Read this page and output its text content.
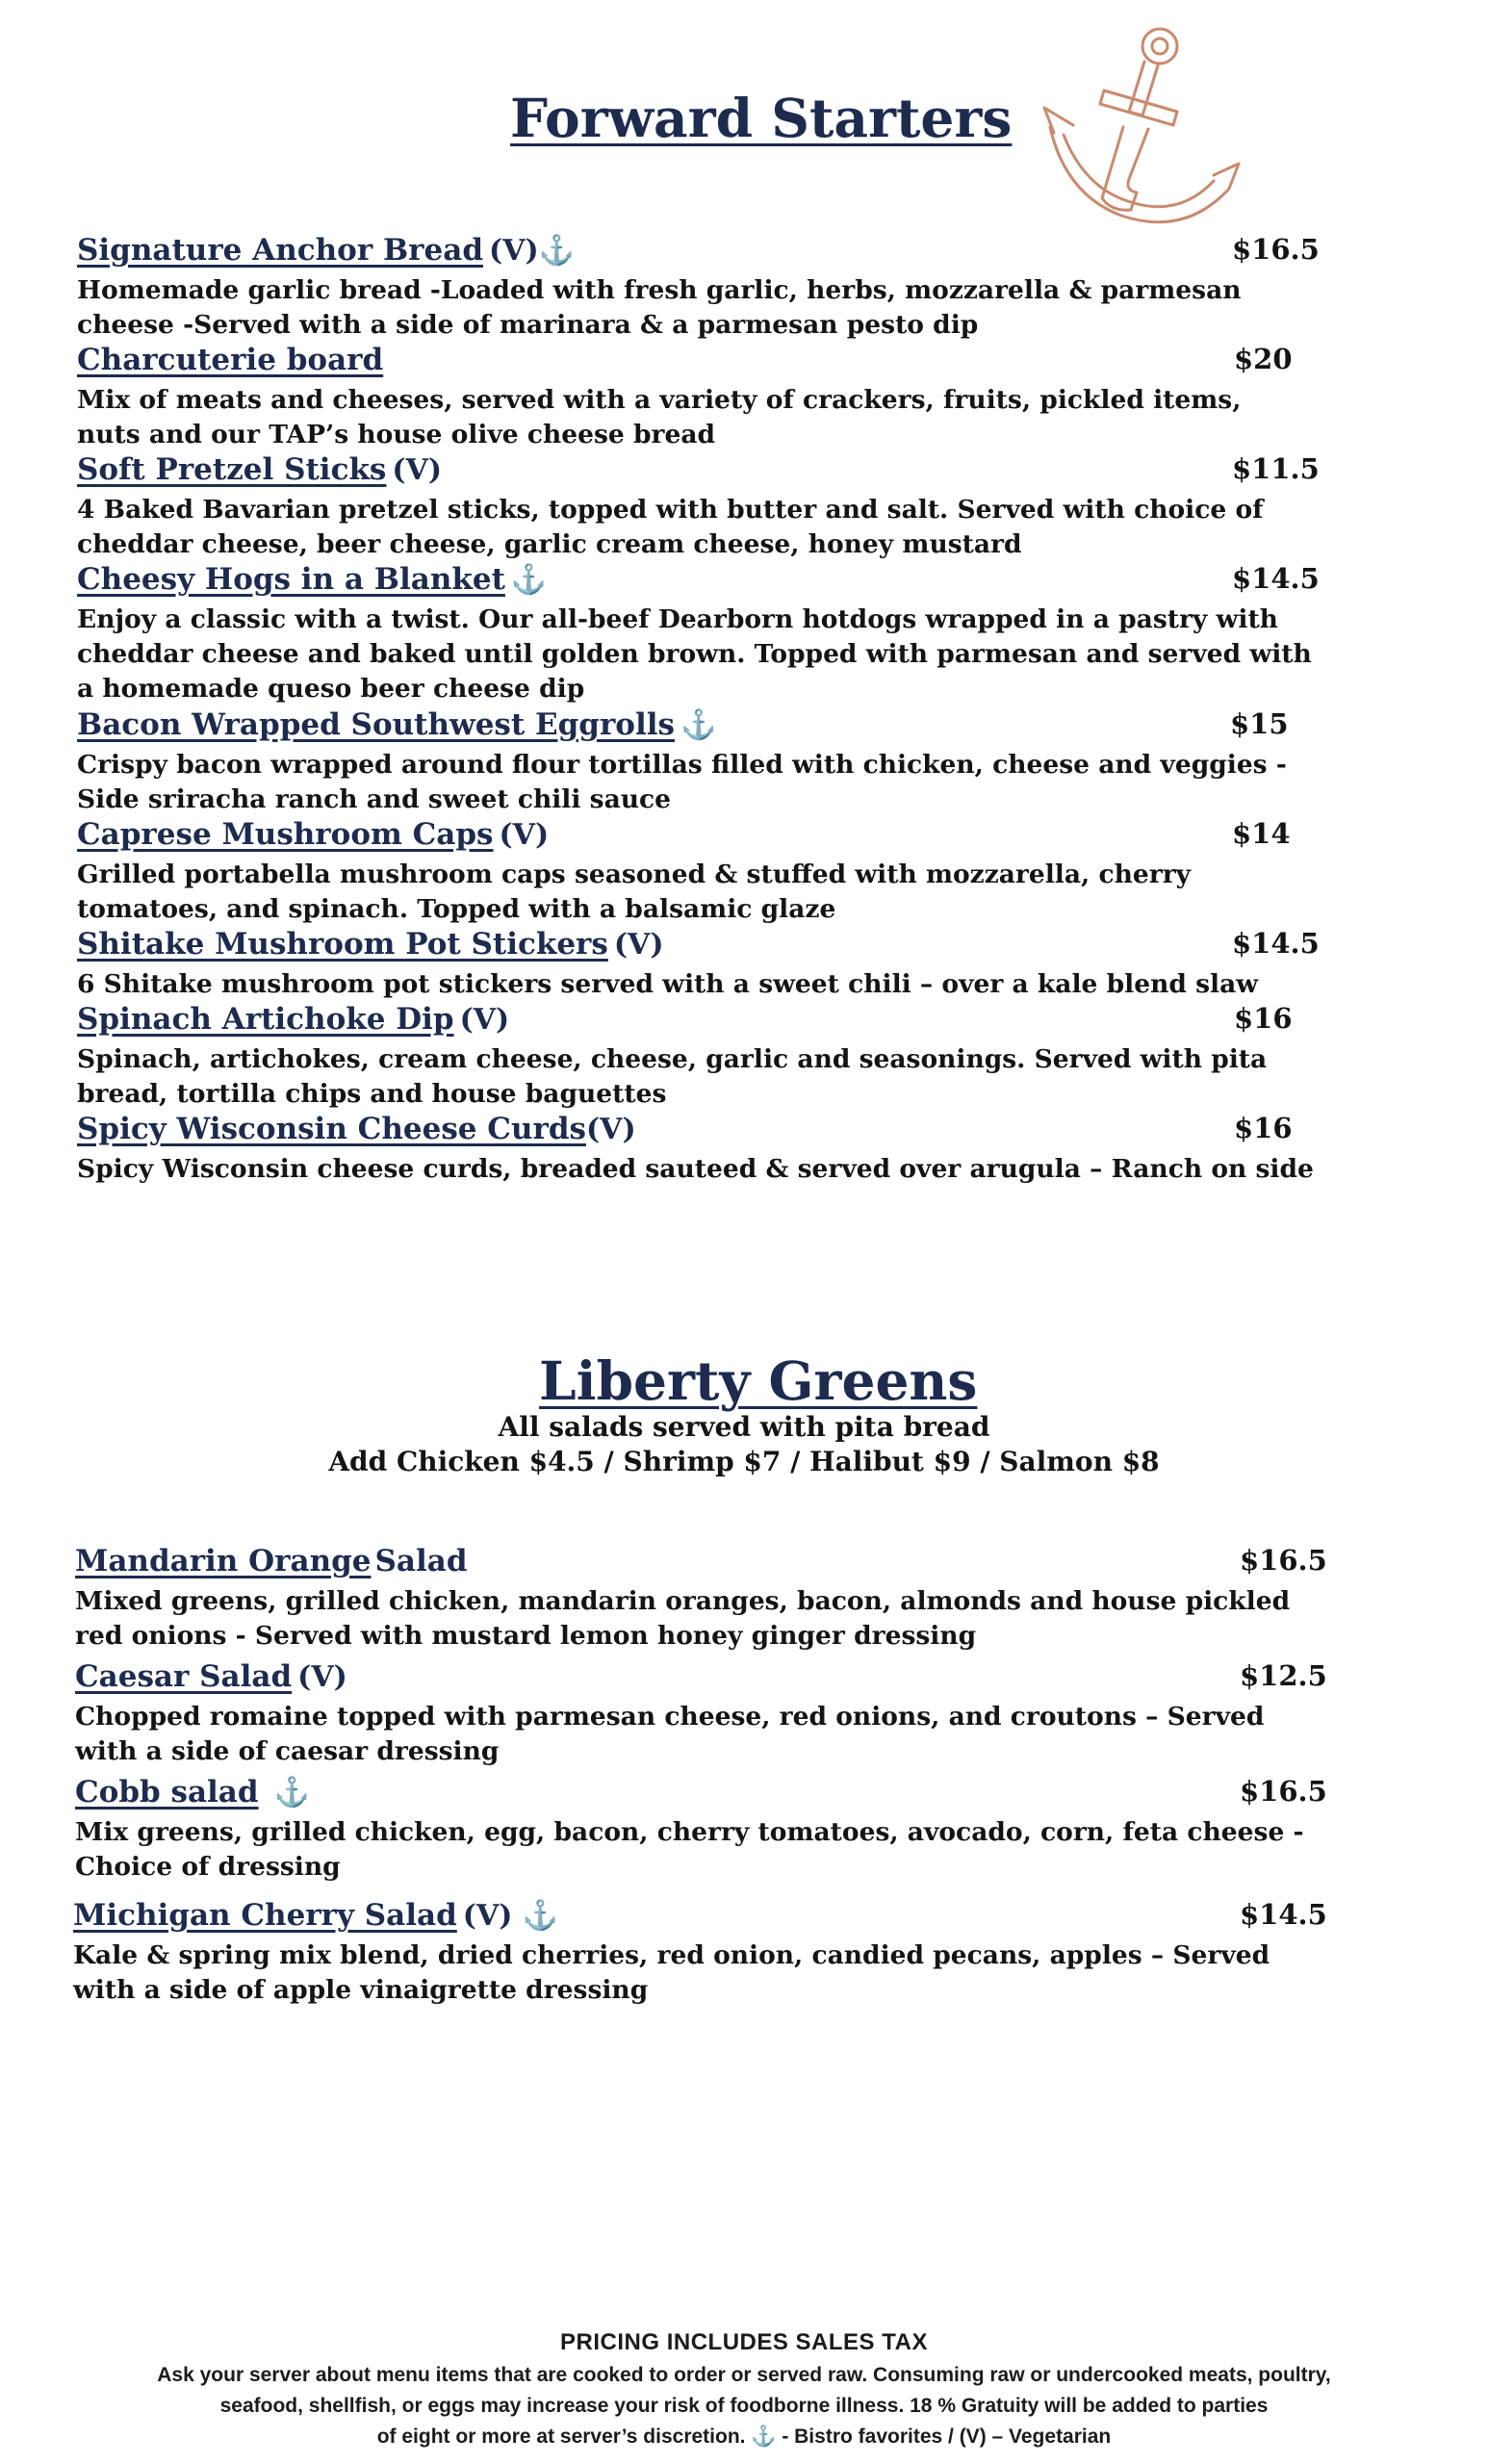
Forward Starters
Signature Anchor Bread (V)⚓	$16.5
Homemade garlic bread -Loaded with fresh garlic, herbs, mozzarella & parmesan
cheese -Served with a side of marinara & a parmesan pesto dip
Charcuterie board	$20
Mix of meats and cheeses, served with a variety of crackers, fruits, pickled items,
nuts and our TAP’s house olive cheese bread
Soft Pretzel Sticks (V)	$11.5
4 Baked Bavarian pretzel sticks, topped with butter and salt. Served with choice of
cheddar cheese, beer cheese, garlic cream cheese, honey mustard
Cheesy Hogs in a Blanket ⚓	$14.5
Enjoy a classic with a twist. Our all-beef Dearborn hotdogs wrapped in a pastry with
cheddar cheese and baked until golden brown. Topped with parmesan and served with
a homemade queso beer cheese dip
Bacon Wrapped Southwest Eggrolls ⚓	$15
Crispy bacon wrapped around flour tortillas filled with chicken, cheese and veggies -
Side sriracha ranch and sweet chili sauce
Caprese Mushroom Caps (V)	$14
Grilled portabella mushroom caps seasoned & stuffed with mozzarella, cherry
tomatoes, and spinach. Topped with a balsamic glaze
Shitake Mushroom Pot Stickers (V)	$14.5
6 Shitake mushroom pot stickers served with a sweet chili – over a kale blend slaw
Spinach Artichoke Dip (V)	$16
Spinach, artichokes, cream cheese, cheese, garlic and seasonings. Served with pita
bread, tortilla chips and house baguettes
Spicy Wisconsin Cheese Curds(V)	$16
Spicy Wisconsin cheese curds, breaded sauteed & served over arugula – Ranch on side
Liberty Greens
All salads served with pita bread
Add Chicken $4.5 / Shrimp $7 / Halibut $9 / Salmon $8
Mandarin Orange Salad	$16.5
Mixed greens, grilled chicken, mandarin oranges, bacon, almonds and house pickled
red onions - Served with mustard lemon honey ginger dressing
Caesar Salad (V)	$12.5
Chopped romaine topped with parmesan cheese, red onions, and croutons – Served
with a side of caesar dressing
Cobb salad ⚓	$16.5
Mix greens, grilled chicken, egg, bacon, cherry tomatoes, avocado, corn, feta cheese -
Choice of dressing
Michigan Cherry Salad (V) ⚓	$14.5
Kale & spring mix blend, dried cherries, red onion, candied pecans, apples – Served
with a side of apple vinaigrette dressing
PRICING INCLUDES SALES TAX
Ask your server about menu items that are cooked to order or served raw. Consuming raw or undercooked meats, poultry,
seafood, shellfish, or eggs may increase your risk of foodborne illness. 18 % Gratuity will be added to parties
of eight or more at server’s discretion. ⚓ - Bistro favorites / (V) – Vegetarian
